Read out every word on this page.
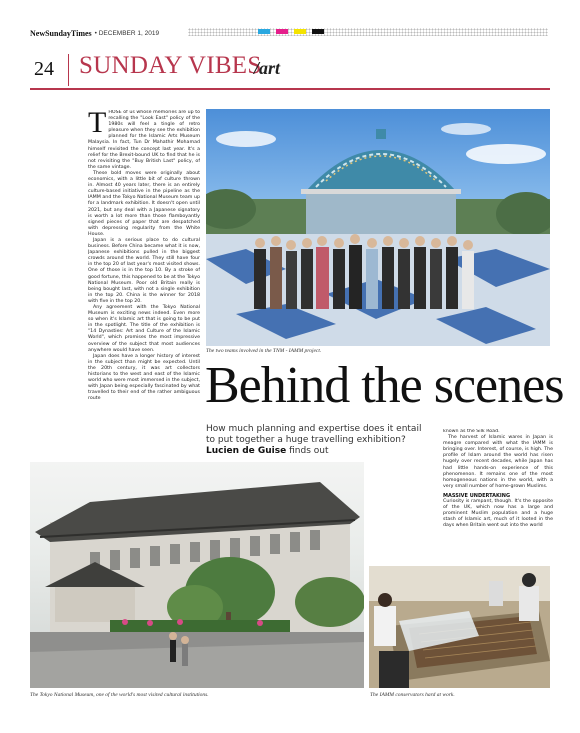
NewSundayTimes • DECEMBER 1, 2019
24 SUNDAY VIBES
/art

THOSE of us whose memories are up to recalling the "Look East" policy of the 1980s will feel a tingle of retro pleasure when they see the exhibition planned for the Islamic Arts Museum Malaysia. In fact, Tun Dr Mahathir Mohamad himself revisited the concept last year. It's a relief for the Brexit-bound UK to find that he is not revisiting the "Buy British Last" policy, of the same vintage.

These bold moves were originally about economics, with a little bit of culture thrown in. Almost 40 years later, there is an entirely culture-based initiative in the pipeline as the IAMM and the Tokyo National Museum team up for a landmark exhibition. It doesn't open until 2021, but any deal with a Japanese signatory is worth a lot more than those flamboyantly signed pieces of paper that are despatched with depressing regularity from the White House.

Japan is a serious place to do cultural business. Before China became what it is now, Japanese exhibitions pulled in the biggest crowds around the world. They still have four in the top 20 of last year's most visited shows. One of those is in the top 10. By a stroke of good fortune, this happened to be at the Tokyo National Museum. Poor old Britain really is being bought last, with not a single exhibition in the top 20. China is the winner for 2018 with five in the top 20.

Any agreement with the Tokyo National Museum is exciting news indeed. Even more so when it's Islamic art that is going to be put in the spotlight. The title of the exhibition is "14 Dynasties: Art and Culture of the Islamic World", which promises the most impressive overview of the subject that most audiences anywhere would have seen.

Japan does have a longer history of interest in the subject than might be expected. Until the 20th century, it was art collectors historians to the west and east of the Islamic world who were most immersed in the subject, with Japan being especially fascinated by what travelled to their end of the rather ambiguous route

The two teams involved in the TNM - IAMM project.
Behind the scenes
How much planning and expertise does it entail to put together a huge travelling exhibition? Lucien de Guise finds out

known as the Silk Road.

The harvest of Islamic wares in Japan is meagre compared with what the IAMM is bringing over. Interest, of course, is high. The profile of Islam around the world has risen hugely over recent decades, while Japan has had little hands-on experience of this phenomenon. It remains one of the most homogeneous nations in the world, with a very small number of home-grown Muslims.

MASSIVE UNDERTAKING

Curiosity is rampant, though. It's the opposite of the UK, which now has a large and prominent Muslim population and a huge stash of Islamic art, much of it looted in the days when Britain went out into the world

The Tokyo National Museum, one of the world's most visited cultural institutions.	The IAMM conservators hard at work.
